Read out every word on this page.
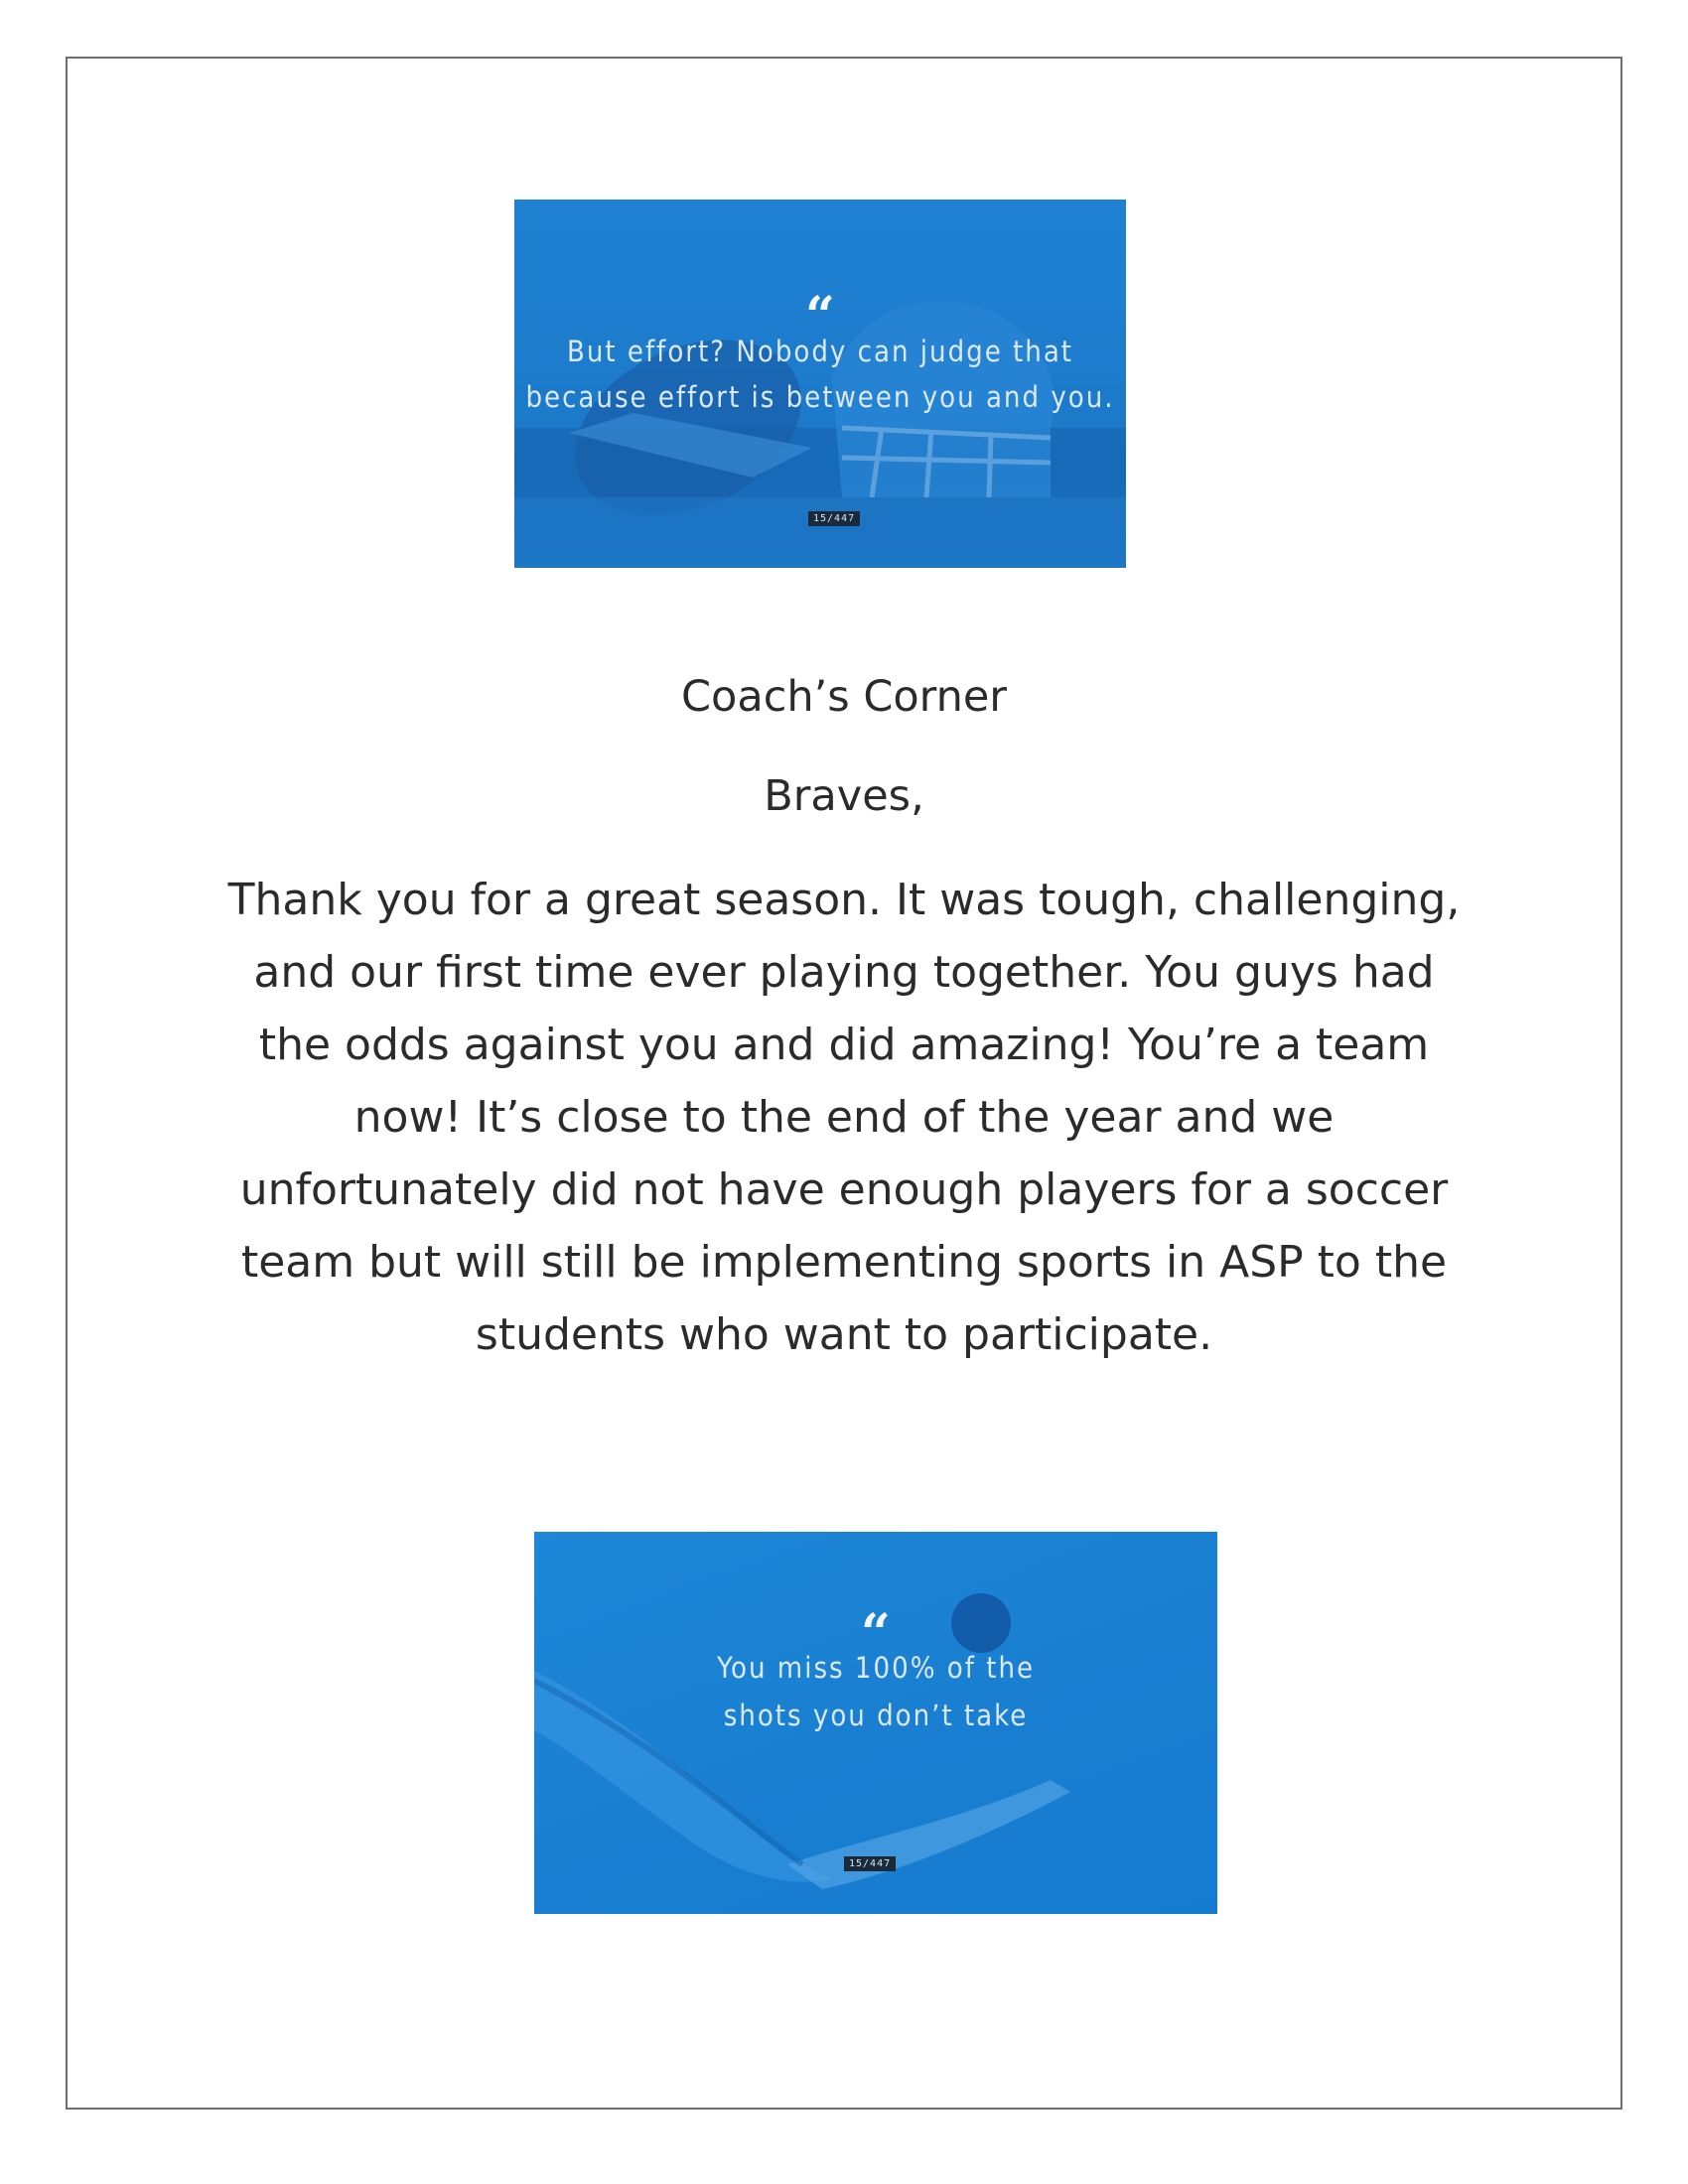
“
But effort? Nobody can judge that
because effort is between you and you.
15/447
Coach’s Corner
Braves,
Thank you for a great season. It was tough, challenging,
and our first time ever playing together. You guys had
the odds against you and did amazing! You’re a team
now! It’s close to the end of the year and we
unfortunately did not have enough players for a soccer
team but will still be implementing sports in ASP to the
students who want to participate.
“
You miss 100% of the
shots you don’t take
15/447
